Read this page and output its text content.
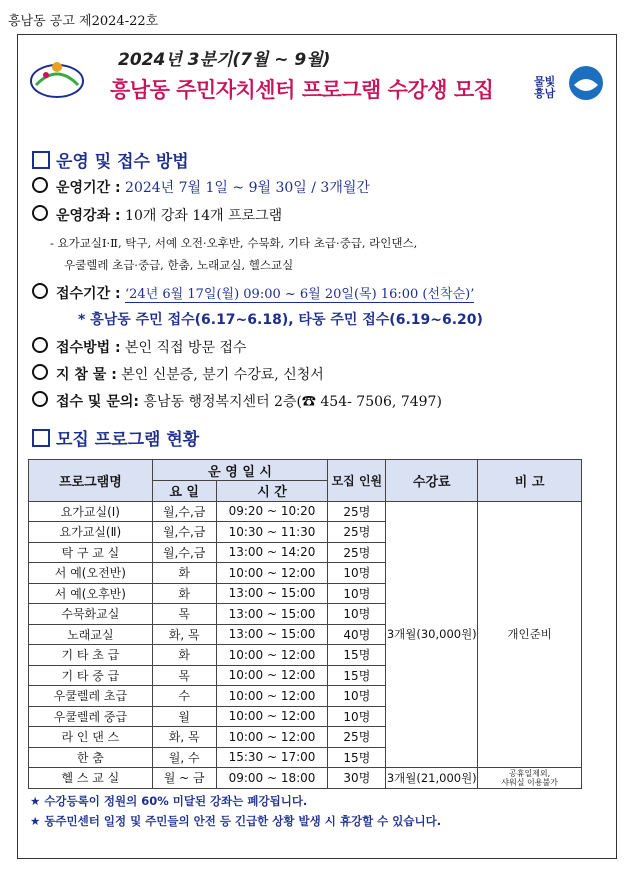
흥남동 공고 제2024-22호
2024년 3분기(7월 ~ 9월)
흥남동 주민자치센터 프로그램 수강생 모집	물빛
흥남
운영 및 접수 방법
운영기간 : 2024년 7월 1일 ~ 9월 30일 / 3개월간
운영강좌 : 10개 강좌 14개 프로그램
- 요가교실Ⅰ·Ⅱ, 탁구, 서예 오전·오후반, 수묵화, 기타 초급·중급, 라인댄스,
우쿨렐레 초급·중급, 한춤, 노래교실, 헬스교실
접수기간 : ‘24년 6월 17일(월) 09:00 ~ 6월 20일(목) 16:00 (선착순)’
* 흥남동 주민 접수(6.17~6.18), 타동 주민 접수(6.19~6.20)
접수방법 : 본인 직접 방문 접수
지 참 물 : 본인 신분증, 분기 수강료, 신청서
접수 및 문의: 흥남동 행정복지센터 2층(☎ 454- 7506, 7497)
모집 프로그램 현황
프로그램명	운 영 일 시		모집 인원	수강료	비 고
	요 일	시 간			
요가교실(Ⅰ)	월,수,금	09:20 ~ 10:20	25명	3개월(30,000원)	개인준비
요가교실(Ⅱ)	월,수,금	10:30 ~ 11:30	25명		
탁 구 교 실	월,수,금	13:00 ~ 14:20	25명		
서 예(오전반)	화	10:00 ~ 12:00	10명		
서 예(오후반)	화	13:00 ~ 15:00	10명		
수묵화교실	목	13:00 ~ 15:00	10명		
노래교실	화, 목	13:00 ~ 15:00	40명		
기 타 초 급	화	10:00 ~ 12:00	15명		
기 타 중 급	목	10:00 ~ 12:00	15명		
우쿨렐레 초급	수	10:00 ~ 12:00	10명		
우쿨렐레 중급	월	10:00 ~ 12:00	10명		
라 인 댄 스	화, 목	10:00 ~ 12:00	25명		
한 춤	월, 수	15:30 ~ 17:00	15명		
헬 스 교 실	월 ~ 금	09:00 ~ 18:00	30명	3개월(21,000원)	공휴일제외,
샤워실 이용불가
★ 수강등록이 정원의 60% 미달된 강좌는 폐강됩니다.
★ 동주민센터 일정 및 주민들의 안전 등 긴급한 상황 발생 시 휴강할 수 있습니다.
